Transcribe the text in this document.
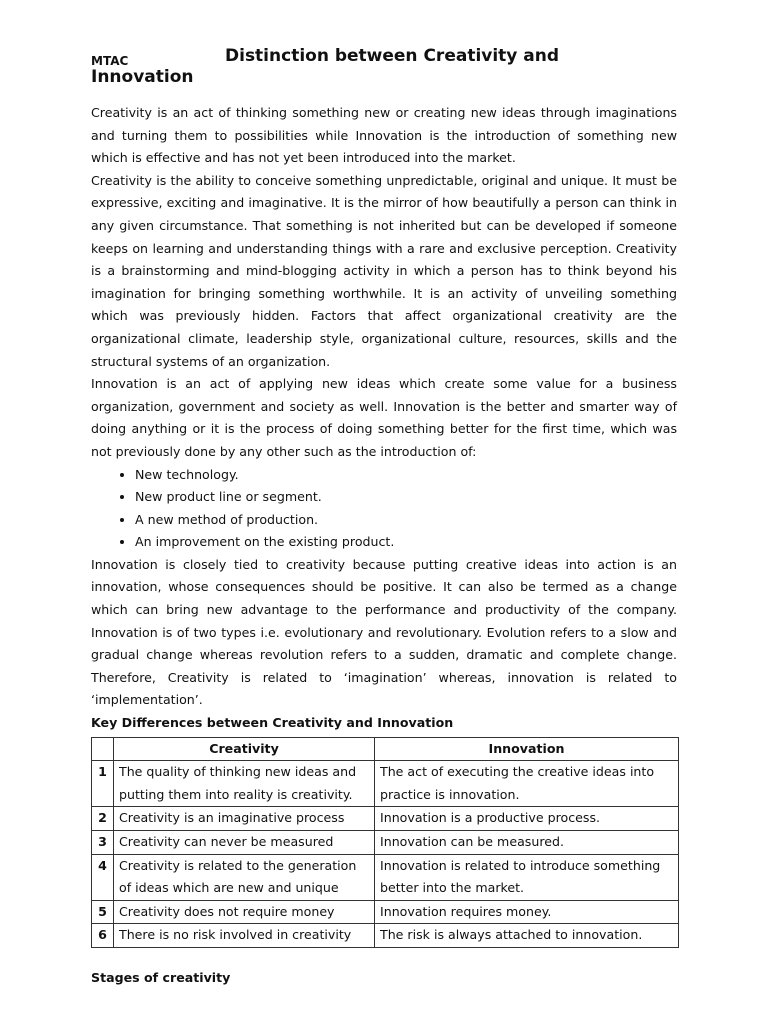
MTAC	Distinction between Creativity and
Innovation

Creativity is an act of thinking something new or creating new ideas through imaginations and turning them to possibilities while Innovation is the introduction of something new which is effective and has not yet been introduced into the market.

Creativity is the ability to conceive something unpredictable, original and unique. It must be expressive, exciting and imaginative. It is the mirror of how beautifully a person can think in any given circumstance. That something is not inherited but can be developed if someone keeps on learning and understanding things with a rare and exclusive perception. Creativity is a brainstorming and mind-blogging activity in which a person has to think beyond his imagination for bringing something worthwhile. It is an activity of unveiling something which was previously hidden. Factors that affect organizational creativity are the organizational climate, leadership style, organizational culture, resources, skills and the structural systems of an organization.

Innovation is an act of applying new ideas which create some value for a business organization, government and society as well. Innovation is the better and smarter way of doing anything or it is the process of doing something better for the first time, which was not previously done by any other such as the introduction of:

• New technology.
• New product line or segment.
• A new method of production.
• An improvement on the existing product.

Innovation is closely tied to creativity because putting creative ideas into action is an innovation, whose consequences should be positive. It can also be termed as a change which can bring new advantage to the performance and productivity of the company. Innovation is of two types i.e. evolutionary and revolutionary. Evolution refers to a slow and gradual change whereas revolution refers to a sudden, dramatic and complete change. Therefore, Creativity is related to ‘imagination’ whereas, innovation is related to ‘implementation’.

Key Differences between Creativity and Innovation

	Creativity	Innovation
1	The quality of thinking new ideas and putting them into reality is creativity.	The act of executing the creative ideas into practice is innovation.
2	Creativity is an imaginative process	Innovation is a productive process.
3	Creativity can never be measured	Innovation can be measured.
4	Creativity is related to the generation of ideas which are new and unique	Innovation is related to introduce something better into the market.
5	Creativity does not require money	Innovation requires money.
6	There is no risk involved in creativity	The risk is always attached to innovation.
Stages of creativity
